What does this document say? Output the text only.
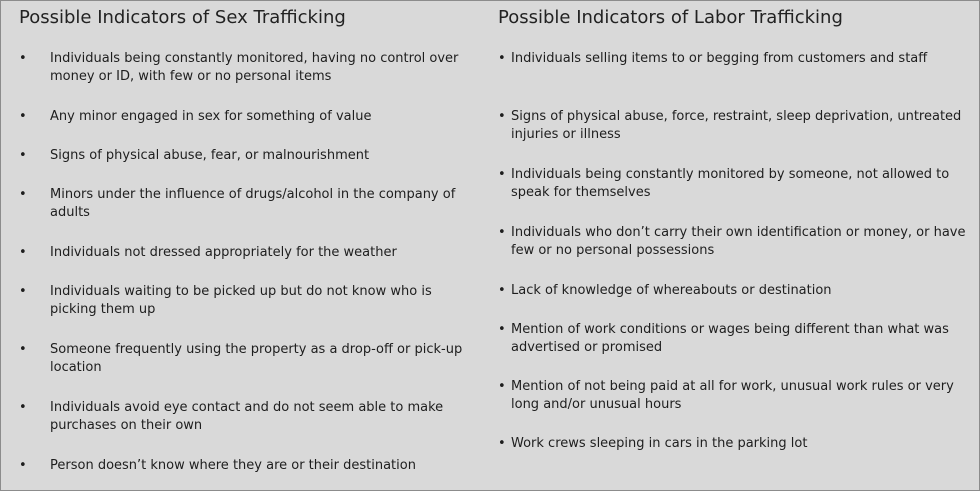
Possible Indicators of Sex Trafficking
• Individuals being constantly monitored, having no control over money or ID, with few or no personal items
• Any minor engaged in sex for something of value
• Signs of physical abuse, fear, or malnourishment
• Minors under the influence of drugs/alcohol in the company of adults
• Individuals not dressed appropriately for the weather
• Individuals waiting to be picked up but do not know who is picking them up
• Someone frequently using the property as a drop-off or pick-up location
• Individuals avoid eye contact and do not seem able to make purchases on their own
• Person doesn’t know where they are or their destination
Possible Indicators of Labor Trafficking
• Individuals selling items to or begging from customers and staff
• Signs of physical abuse, force, restraint, sleep deprivation, untreated injuries or illness
• Individuals being constantly monitored by someone, not allowed to speak for themselves
• Individuals who don’t carry their own identification or money, or have few or no personal possessions
• Lack of knowledge of whereabouts or destination
• Mention of work conditions or wages being different than what was advertised or promised
• Mention of not being paid at all for work, unusual work rules or very long and/or unusual hours
• Work crews sleeping in cars in the parking lot
